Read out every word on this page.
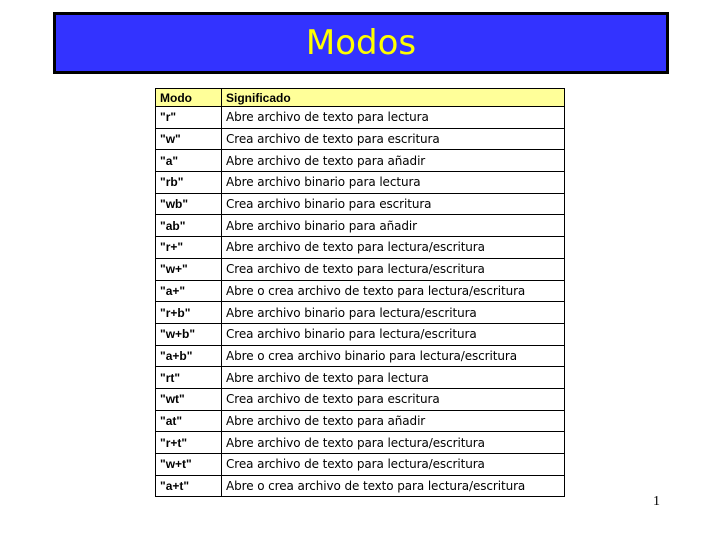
Modos
Modo	Significado
"r"	Abre archivo de texto para lectura
"w"	Crea archivo de texto para escritura
"a"	Abre archivo de texto para añadir
"rb"	Abre archivo binario para lectura
"wb"	Crea archivo binario para escritura
"ab"	Abre archivo binario para añadir
"r+"	Abre archivo de texto para lectura/escritura
"w+"	Crea archivo de texto para lectura/escritura
"a+"	Abre o crea archivo de texto para lectura/escritura
"r+b"	Abre archivo binario para lectura/escritura
"w+b"	Crea archivo binario para lectura/escritura
"a+b"	Abre o crea archivo binario para lectura/escritura
"rt"	Abre archivo de texto para lectura
"wt"	Crea archivo de texto para escritura
"at"	Abre archivo de texto para añadir
"r+t"	Abre archivo de texto para lectura/escritura
"w+t"	Crea archivo de texto para lectura/escritura
"a+t"	Abre o crea archivo de texto para lectura/escritura
1
